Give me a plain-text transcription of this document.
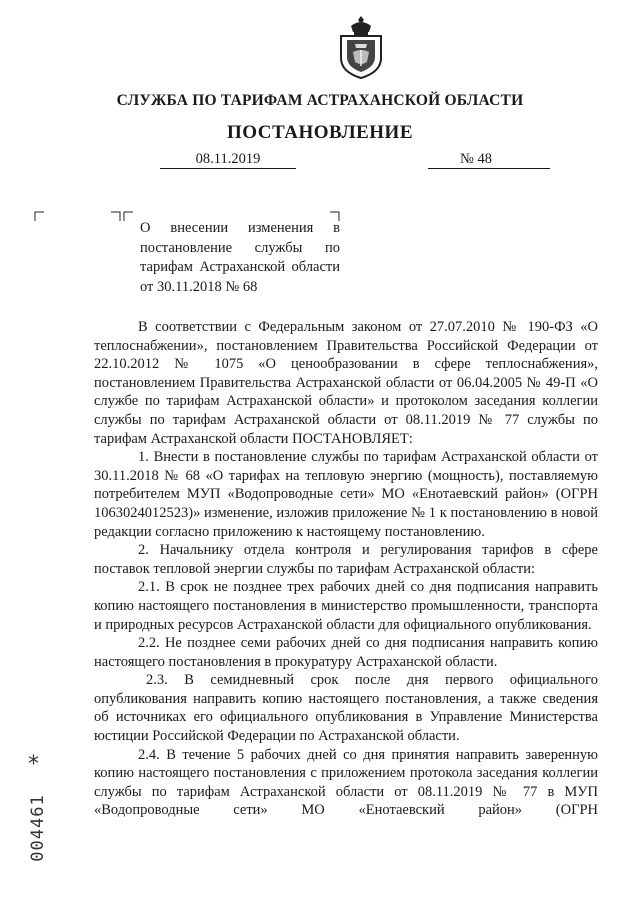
СЛУЖБА ПО ТАРИФАМ АСТРАХАНСКОЙ ОБЛАСТИ
ПОСТАНОВЛЕНИЕ
08.11.2019	№ 48
О внесении изменения в постановление службы по тарифам Астраханской области от 30.11.2018 № 68

В соответствии с Федеральным законом от 27.07.2010 № 190-ФЗ «О теплоснабжении», постановлением Правительства Российской Федерации от 22.10.2012 № 1075 «О ценообразовании в сфере теплоснабжения», постановлением Правительства Астраханской области от 06.04.2005 № 49-П «О службе по тарифам Астраханской области» и протоколом заседания коллегии службы по тарифам Астраханской области от 08.11.2019 № 77 службы по тарифам Астраханской области ПОСТАНОВЛЯЕТ:

1. Внести в постановление службы по тарифам Астраханской области от 30.11.2018 № 68 «О тарифах на тепловую энергию (мощность), поставляемую потребителем МУП «Водопроводные сети» МО «Енотаевский район» (ОГРН 1063024012523)» изменение, изложив приложение № 1 к постановлению в новой редакции согласно приложению к настоящему постановлению.

2. Начальнику отдела контроля и регулирования тарифов в сфере поставок тепловой энергии службы по тарифам Астраханской области:

2.1. В срок не позднее трех рабочих дней со дня подписания направить копию настоящего постановления в министерство промышленности, транспорта и природных ресурсов Астраханской области для официального опубликования.

2.2. Не позднее семи рабочих дней со дня подписания направить копию настоящего постановления в прокуратуру Астраханской области.

2.3. В семидневный срок после дня первого официального опубликования направить копию настоящего постановления, а также сведения об источниках его официального опубликования в Управление Министерства юстиции Российской Федерации по Астраханской области.

2.4. В течение 5 рабочих дней со дня принятия направить заверенную копию настоящего постановления с приложением протокола заседания коллегии службы по тарифам Астраханской области от 08.11.2019 № 77 в МУП «Водопроводные сети» МО «Енотаевский район» (ОГРН

*
004461
